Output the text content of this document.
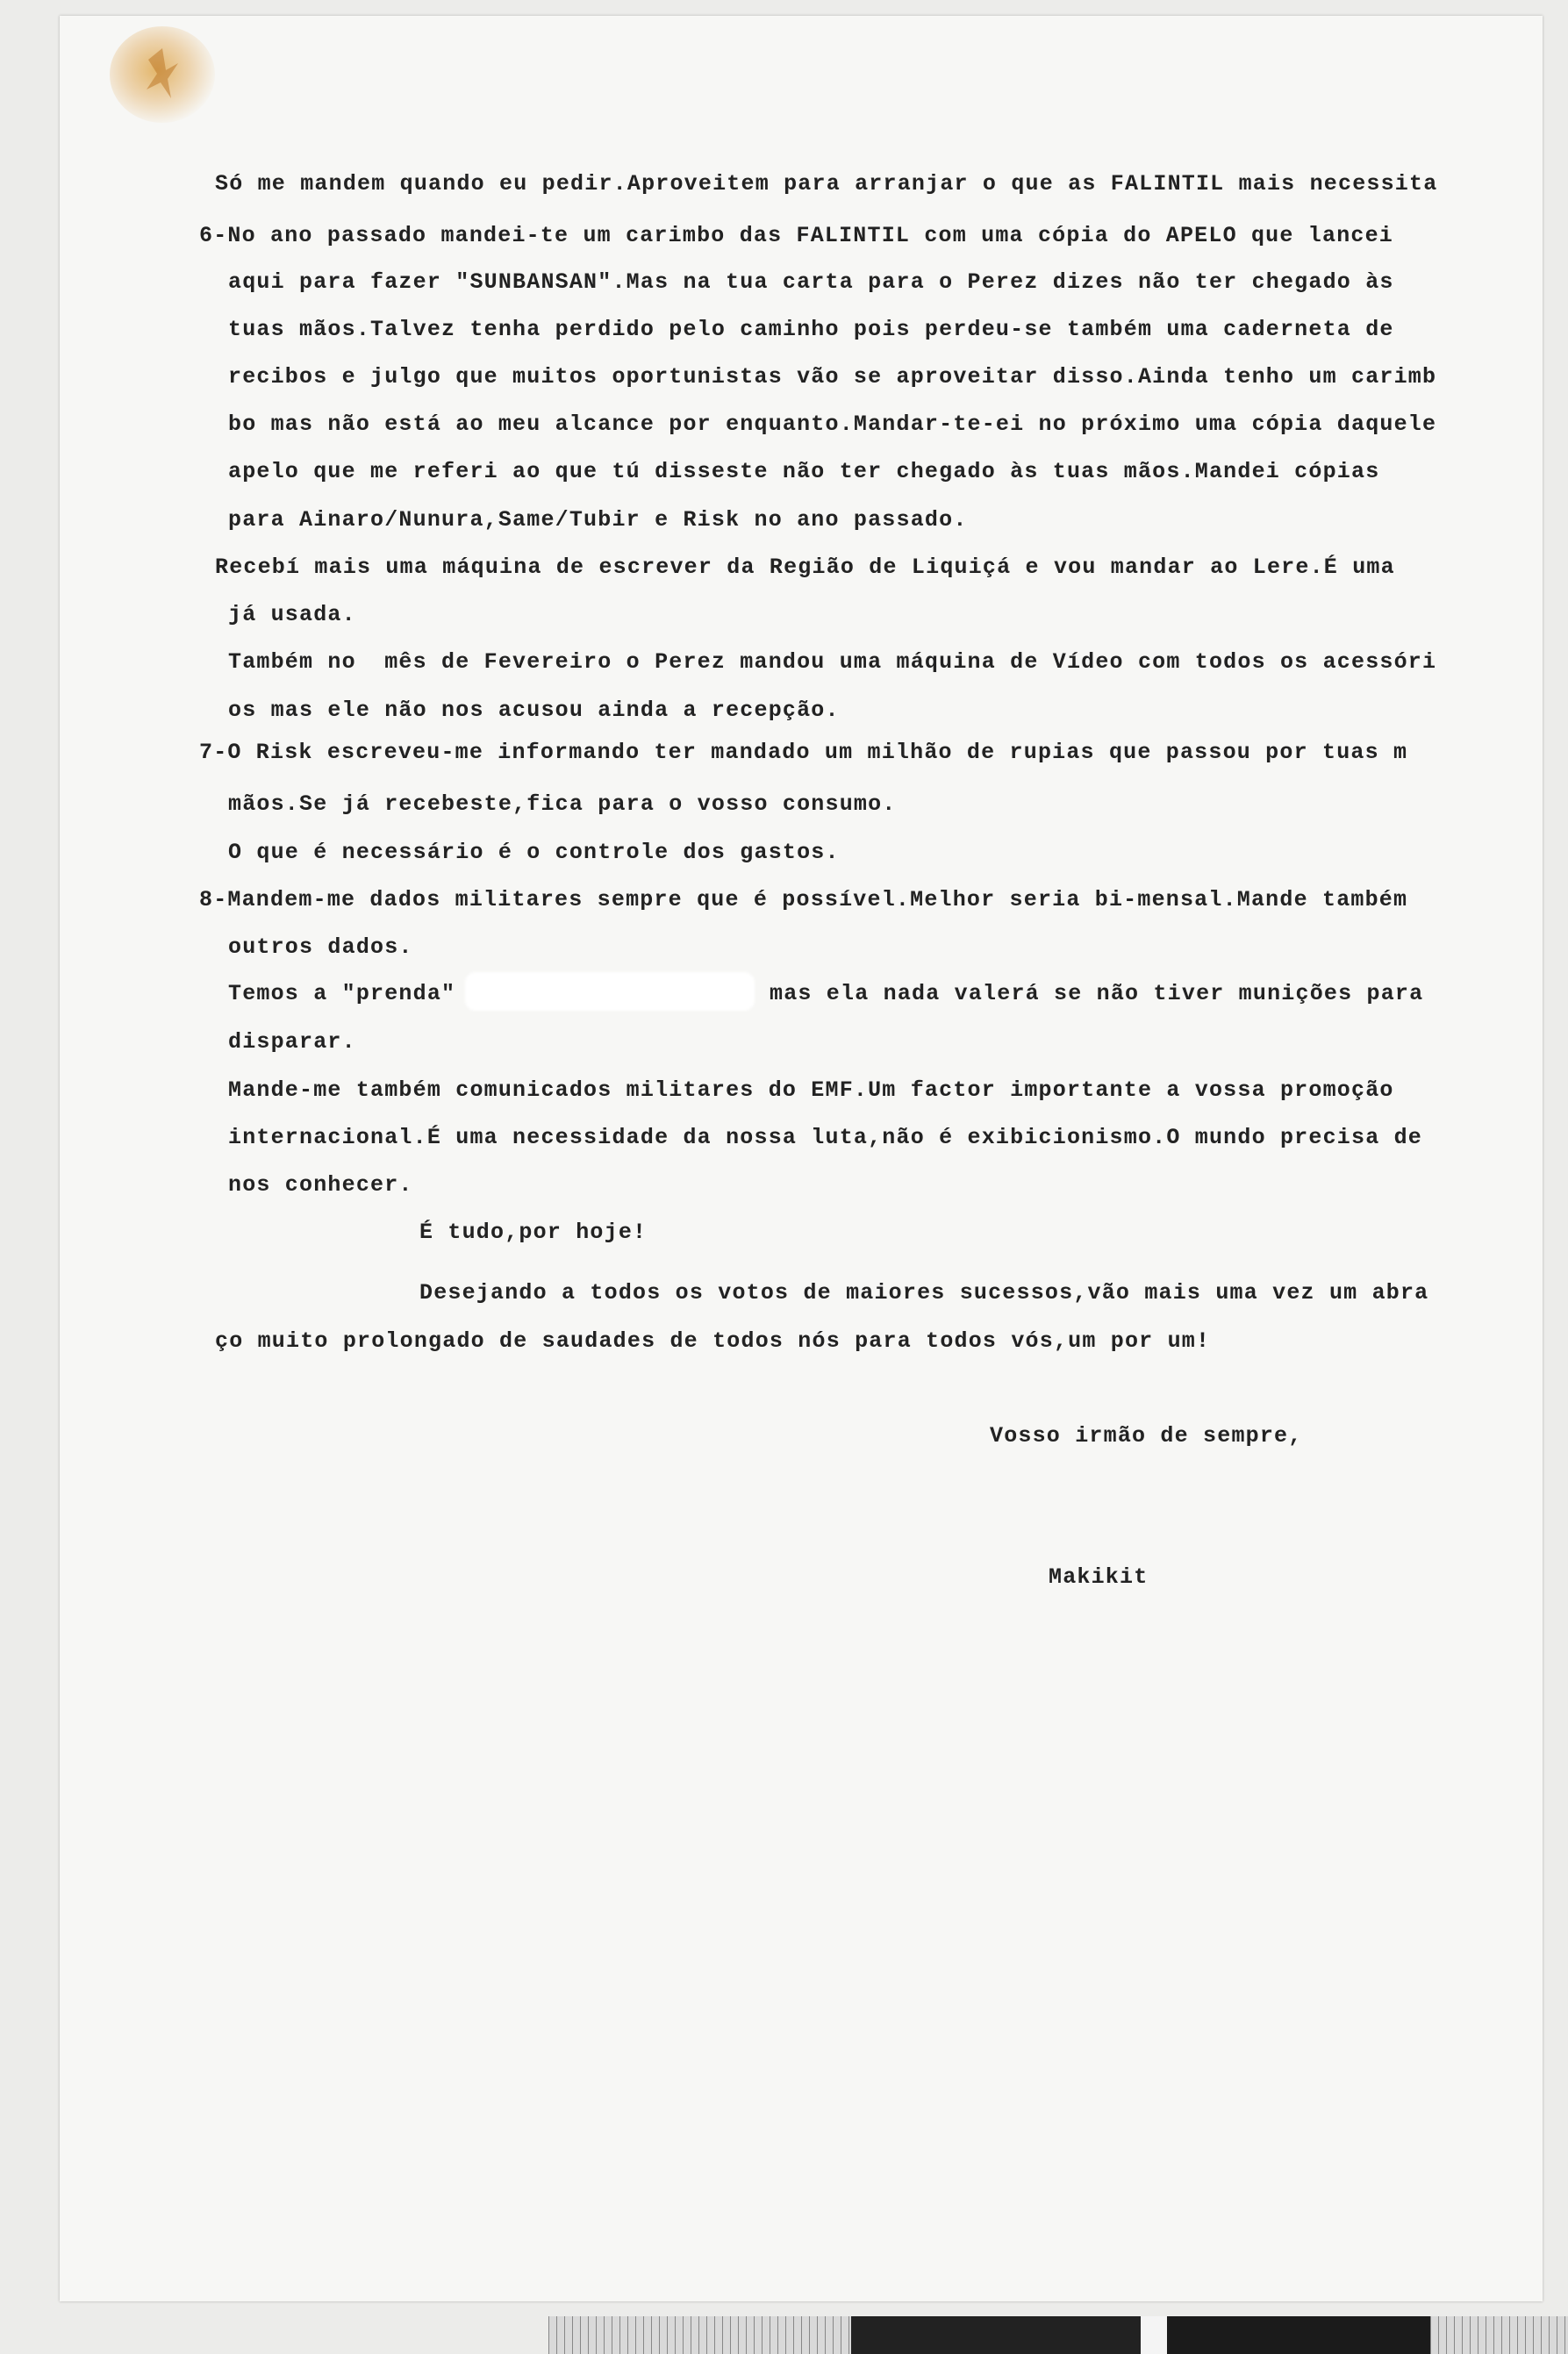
Só me mandem quando eu pedir.Aproveitem para arranjar o que as FALINTIL mais necessita
6-No ano passado mandei-te um carimbo das FALINTIL com uma cópia do APELO que lancei
aqui para fazer "SUNBANSAN".Mas na tua carta para o Perez dizes não ter chegado às
tuas mãos.Talvez tenha perdido pelo caminho pois perdeu-se também uma caderneta de
recibos e julgo que muitos oportunistas vão se aproveitar disso.Ainda tenho um carimb
bo mas não está ao meu alcance por enquanto.Mandar-te-ei no próximo uma cópia daquele
apelo que me referi ao que tú disseste não ter chegado às tuas mãos.Mandei cópias
para Ainaro/Nunura,Same/Tubir e Risk no ano passado.
Recebí mais uma máquina de escrever da Região de Liquiçá e vou mandar ao Lere.É uma
já usada.
Também no  mês de Fevereiro o Perez mandou uma máquina de Vídeo com todos os acessóri
os mas ele não nos acusou ainda a recepção.
7-O Risk escreveu-me informando ter mandado um milhão de rupias que passou por tuas m
mãos.Se já recebeste,fica para o vosso consumo.
O que é necessário é o controle dos gastos.
8-Mandem-me dados militares sempre que é possível.Melhor seria bi-mensal.Mande também
outros dados.
Temos a "prenda"	mas ela nada valerá se não tiver munições para
disparar.
Mande-me também comunicados militares do EMF.Um factor importante a vossa promoção
internacional.É uma necessidade da nossa luta,não é exibicionismo.O mundo precisa de
nos conhecer.
É tudo,por hoje!
Desejando a todos os votos de maiores sucessos,vão mais uma vez um abra
ço muito prolongado de saudades de todos nós para todos vós,um por um!
Vosso irmão de sempre,
Makikit
